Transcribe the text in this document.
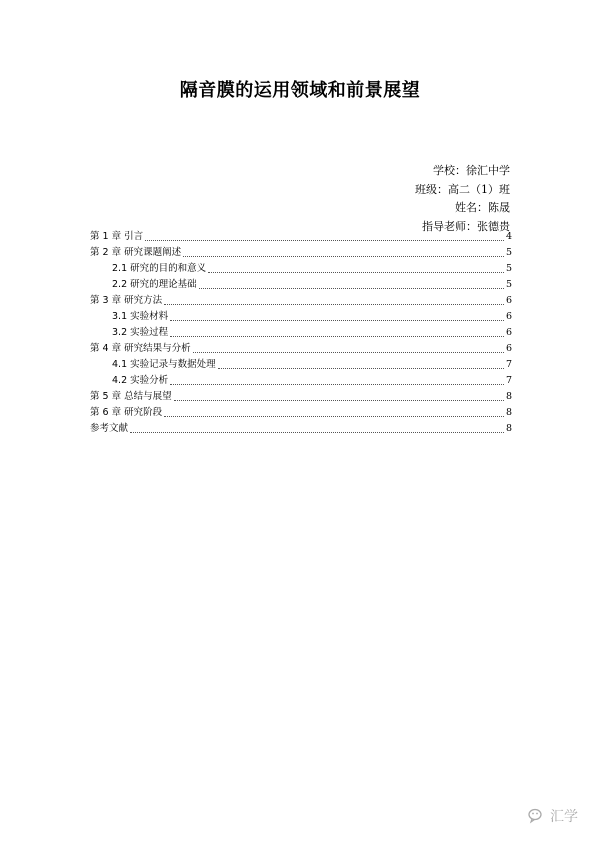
隔音膜的运用领域和前景展望
学校：徐汇中学
班级：高二（1）班
姓名：陈晟
指导老师：张德贵
第 1 章 引言	4
第 2 章 研究课题阐述	5
2.1 研究的目的和意义	5
2.2 研究的理论基础	5
第 3 章 研究方法	6
3.1 实验材料	6
3.2 实验过程	6
第 4 章 研究结果与分析	6
4.1 实验记录与数据处理	7
4.2 实验分析	7
第 5 章 总结与展望	8
第 6 章 研究阶段	8
参考文献	8
汇学
